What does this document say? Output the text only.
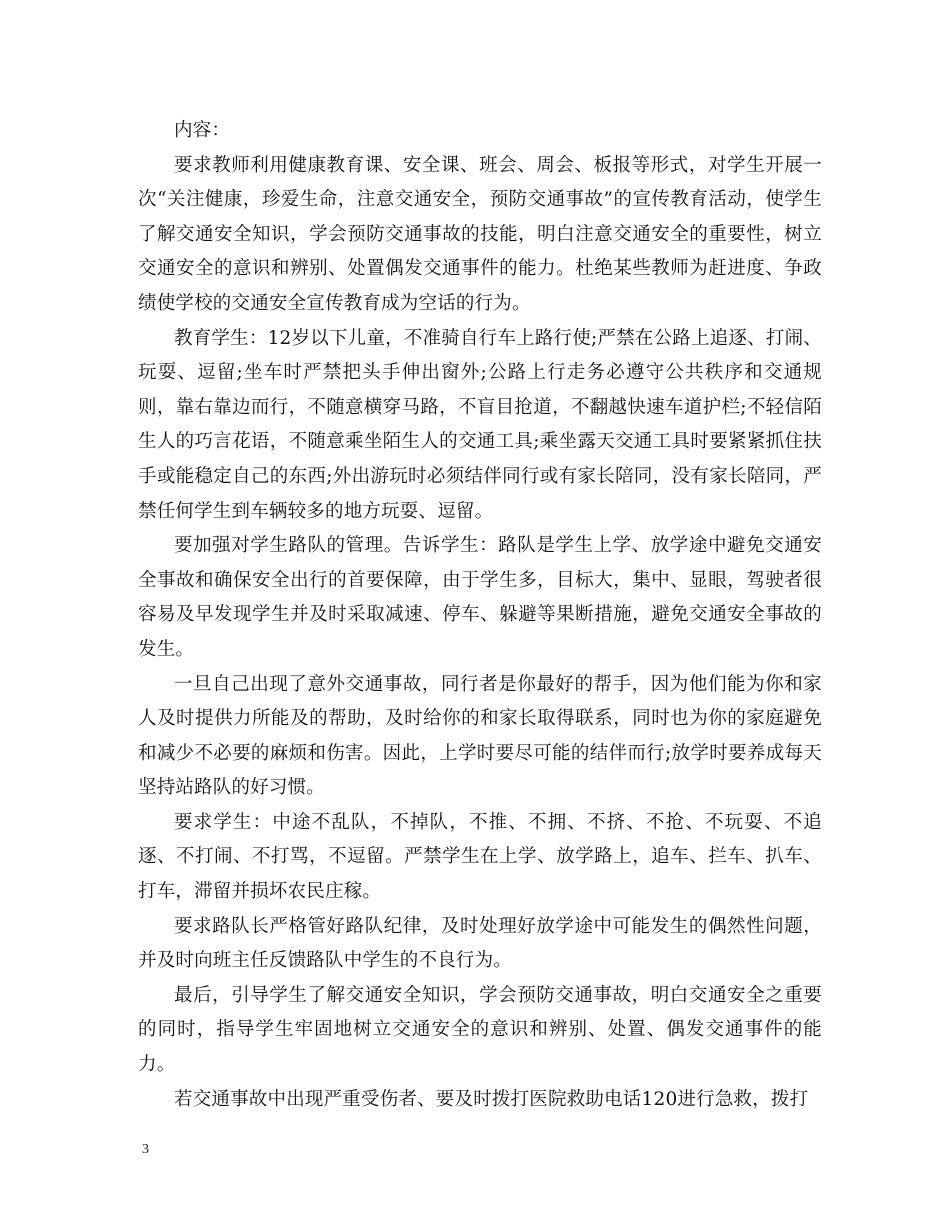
内容：

要求教师利用健康教育课、安全课、班会、周会、板报等形式，对学生开展一次“关注健康，珍爱生命，注意交通安全，预防交通事故”的宣传教育活动，使学生了解交通安全知识，学会预防交通事故的技能，明白注意交通安全的重要性，树立交通安全的意识和辨别、处置偶发交通事件的能力。杜绝某些教师为赶进度、争政绩使学校的交通安全宣传教育成为空话的行为。

教育学生：12岁以下儿童，不准骑自行车上路行使;严禁在公路上追逐、打闹、玩耍、逗留;坐车时严禁把头手伸出窗外;公路上行走务必遵守公共秩序和交通规则，靠右靠边而行，不随意横穿马路，不盲目抢道，不翻越快速车道护栏;不轻信陌生人的巧言花语，不随意乘坐陌生人的交通工具;乘坐露天交通工具时要紧紧抓住扶手或能稳定自己的东西;外出游玩时必须结伴同行或有家长陪同，没有家长陪同，严禁任何学生到车辆较多的地方玩耍、逗留。

要加强对学生路队的管理。告诉学生：路队是学生上学、放学途中避免交通安全事故和确保安全出行的首要保障，由于学生多，目标大，集中、显眼，驾驶者很容易及早发现学生并及时采取减速、停车、躲避等果断措施，避免交通安全事故的发生。

一旦自己出现了意外交通事故，同行者是你最好的帮手，因为他们能为你和家人及时提供力所能及的帮助，及时给你的和家长取得联系，同时也为你的家庭避免和减少不必要的麻烦和伤害。因此，上学时要尽可能的结伴而行;放学时要养成每天坚持站路队的好习惯。

要求学生：中途不乱队，不掉队，不推、不拥、不挤、不抢、不玩耍、不追逐、不打闹、不打骂，不逗留。严禁学生在上学、放学路上，追车、拦车、扒车、打车，滞留并损坏农民庄稼。

要求路队长严格管好路队纪律，及时处理好放学途中可能发生的偶然性问题，并及时向班主任反馈路队中学生的不良行为。

最后，引导学生了解交通安全知识，学会预防交通事故，明白交通安全之重要的同时，指导学生牢固地树立交通安全的意识和辨别、处置、偶发交通事件的能力。

若交通事故中出现严重受伤者、要及时拨打医院救助电话120进行急救，拨打

3
